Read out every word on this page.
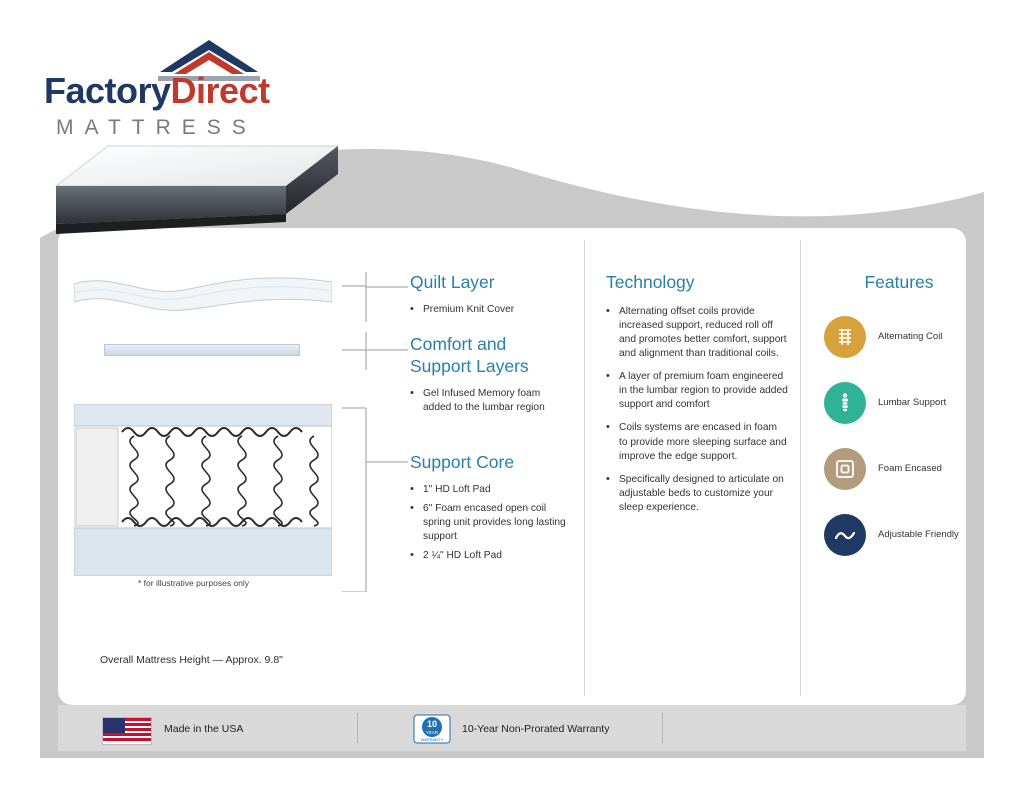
FactoryDirect
MATTRESS
* for illustrative purposes only
Overall Mattress Height — Approx. 9.8"
Quilt Layer
• Premium Knit Cover
Comfort and Support Layers
• Gel Infused Memory foam added to the lumbar region
Support Core
• 1" HD Loft Pad
• 6" Foam encased open coil spring unit provides long lasting support
• 2 ¼" HD Loft Pad
Technology
• Alternating offset coils provide increased support, reduced roll off and promotes better comfort, support and alignment than traditional coils.
• A layer of premium foam engineered in the lumbar region to provide added support and comfort
• Coils systems are encased in foam to provide more sleeping surface and improve the edge support.
• Specifically designed to articulate on adjustable beds to customize your sleep experience.
Features
Alternating Coil
Lumbar Support
Foam Encased
Adjustable Friendly
Made in the USA	10
YEAR
WARRANTY
10-Year Non-Prorated Warranty
